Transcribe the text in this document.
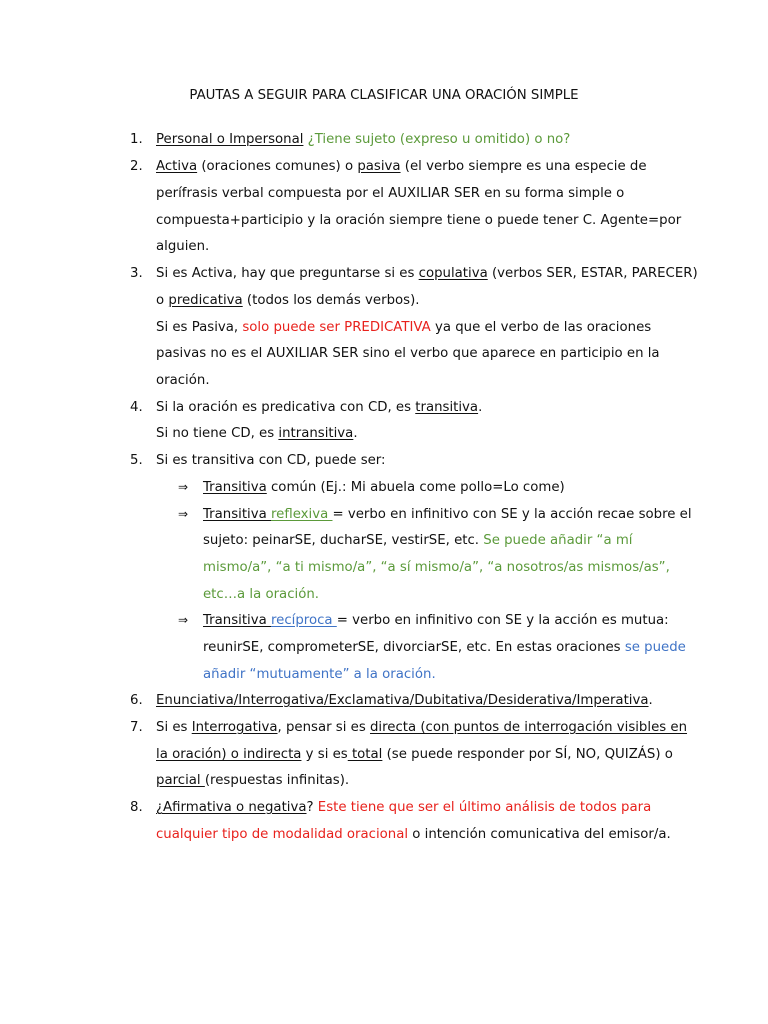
PAUTAS A SEGUIR PARA CLASIFICAR UNA ORACIÓN SIMPLE
1.	Personal o Impersonal ¿Tiene sujeto (expreso u omitido) o no?
2.	Activa (oraciones comunes) o pasiva (el verbo siempre es una especie de
perífrasis verbal compuesta por el AUXILIAR SER en su forma simple o
compuesta+participio y la oración siempre tiene o puede tener C. Agente=por
alguien.
3.	Si es Activa, hay que preguntarse si es copulativa (verbos SER, ESTAR, PARECER)
o predicativa (todos los demás verbos).
Si es Pasiva, solo puede ser PREDICATIVA ya que el verbo de las oraciones
pasivas no es el AUXILIAR SER sino el verbo que aparece en participio en la
oración.
4.	Si la oración es predicativa con CD, es transitiva.
Si no tiene CD, es intransitiva.
5.	Si es transitiva con CD, puede ser:
⇒	Transitiva común (Ej.: Mi abuela come pollo=Lo come)
⇒	Transitiva reflexiva = verbo en infinitivo con SE y la acción recae sobre el
sujeto: peinarSE, ducharSE, vestirSE, etc. Se puede añadir “a mí
mismo/a”, “a ti mismo/a”, “a sí mismo/a”, “a nosotros/as mismos/as”,
etc…a la oración.
⇒	Transitiva recíproca = verbo en infinitivo con SE y la acción es mutua:
reunirSE, comprometerSE, divorciarSE, etc. En estas oraciones se puede
añadir “mutuamente” a la oración.
6.	Enunciativa/Interrogativa/Exclamativa/Dubitativa/Desiderativa/Imperativa.
7.	Si es Interrogativa, pensar si es directa (con puntos de interrogación visibles en
la oración) o indirecta y si es total (se puede responder por SÍ, NO, QUIZÁS) o
parcial (respuestas infinitas).
8.	¿Afirmativa o negativa? Este tiene que ser el último análisis de todos para
cualquier tipo de modalidad oracional o intención comunicativa del emisor/a.
